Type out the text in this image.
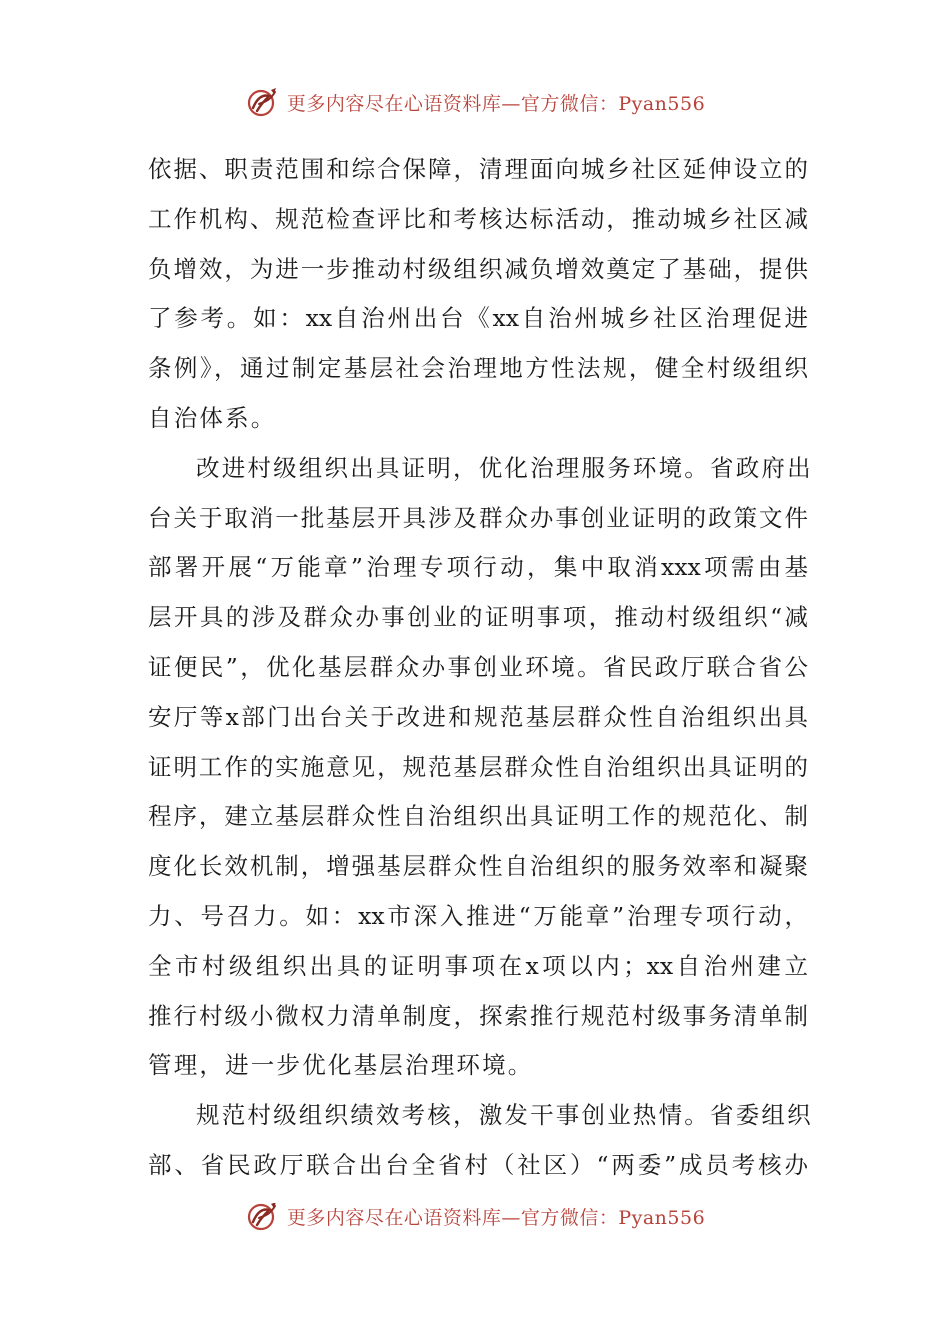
更多内容尽在心语资料库—官方微信：Pyan556
依据、职责范围和综合保障，清理面向城乡社区延伸设立的
工作机构、规范检查评比和考核达标活动，推动城乡社区减
负增效，为进一步推动村级组织减负增效奠定了基础，提供
了参考。如：xx自治州出台《xx自治州城乡社区治理促进
条例》，通过制定基层社会治理地方性法规，健全村级组织
自治体系。
改进村级组织出具证明，优化治理服务环境。省政府出
台关于取消一批基层开具涉及群众办事创业证明的政策文件
部署开展“万能章”治理专项行动，集中取消xxx项需由基
层开具的涉及群众办事创业的证明事项，推动村级组织“减
证便民”，优化基层群众办事创业环境。省民政厅联合省公
安厅等x部门出台关于改进和规范基层群众性自治组织出具
证明工作的实施意见，规范基层群众性自治组织出具证明的
程序，建立基层群众性自治组织出具证明工作的规范化、制
度化长效机制，增强基层群众性自治组织的服务效率和凝聚
力、号召力。如：xx市深入推进“万能章”治理专项行动，
全市村级组织出具的证明事项在x项以内；xx自治州建立
推行村级小微权力清单制度，探索推行规范村级事务清单制
管理，进一步优化基层治理环境。
规范村级组织绩效考核，激发干事创业热情。省委组织
部、省民政厅联合出台全省村（社区）“两委”成员考核办
更多内容尽在心语资料库—官方微信：Pyan556
